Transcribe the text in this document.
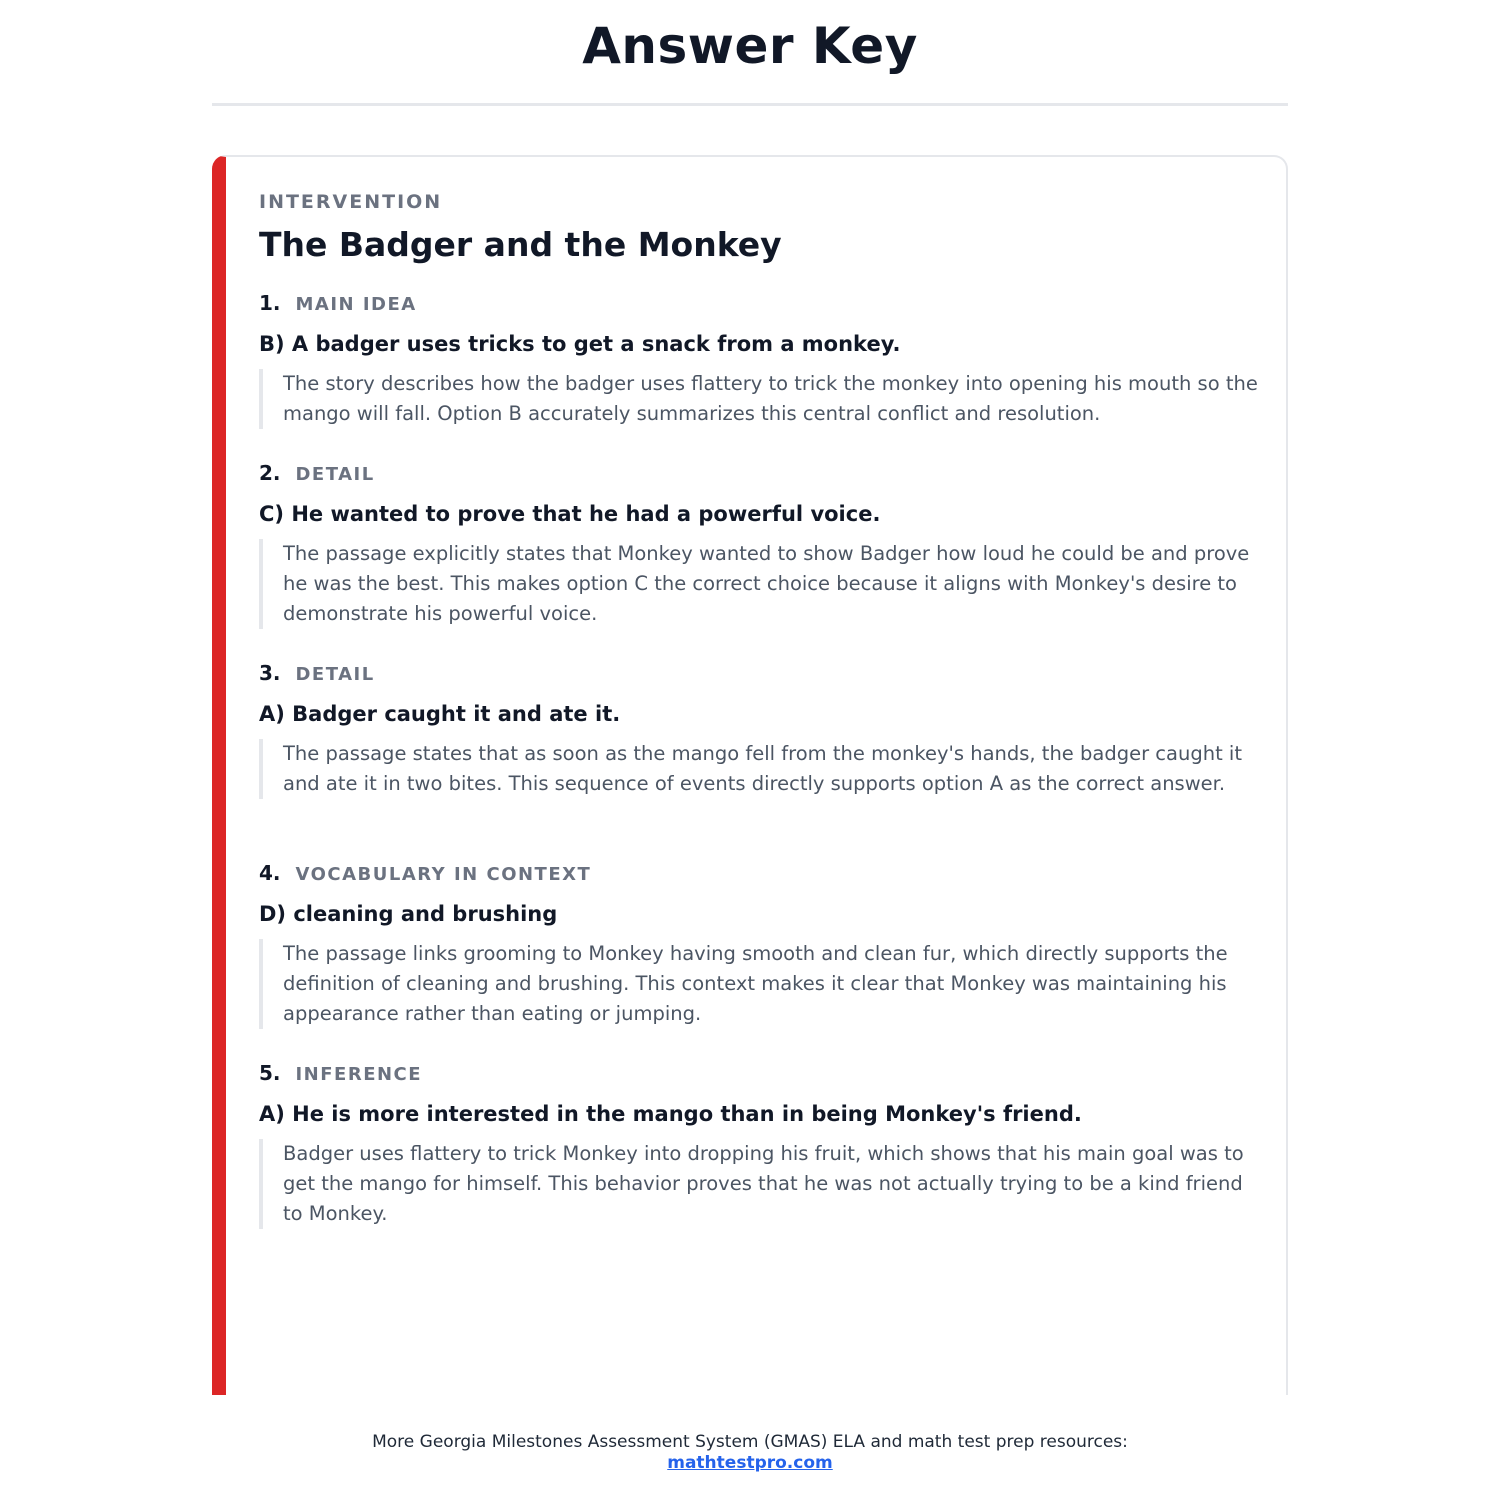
Answer Key
INTERVENTION
The Badger and the Monkey
1. MAIN IDEA
B) A badger uses tricks to get a snack from a monkey.
The story describes how the badger uses flattery to trick the monkey into opening his mouth so the mango will fall. Option B accurately summarizes this central conflict and resolution.
2. DETAIL
C) He wanted to prove that he had a powerful voice.
The passage explicitly states that Monkey wanted to show Badger how loud he could be and prove he was the best. This makes option C the correct choice because it aligns with Monkey's desire to demonstrate his powerful voice.
3. DETAIL
A) Badger caught it and ate it.
The passage states that as soon as the mango fell from the monkey's hands, the badger caught it and ate it in two bites. This sequence of events directly supports option A as the correct answer.
4. VOCABULARY IN CONTEXT
D) cleaning and brushing
The passage links grooming to Monkey having smooth and clean fur, which directly supports the definition of cleaning and brushing. This context makes it clear that Monkey was maintaining his appearance rather than eating or jumping.
5. INFERENCE
A) He is more interested in the mango than in being Monkey's friend.
Badger uses flattery to trick Monkey into dropping his fruit, which shows that his main goal was to get the mango for himself. This behavior proves that he was not actually trying to be a kind friend to Monkey.
More Georgia Milestones Assessment System (GMAS) ELA and math test prep resources:
mathtestpro.com
